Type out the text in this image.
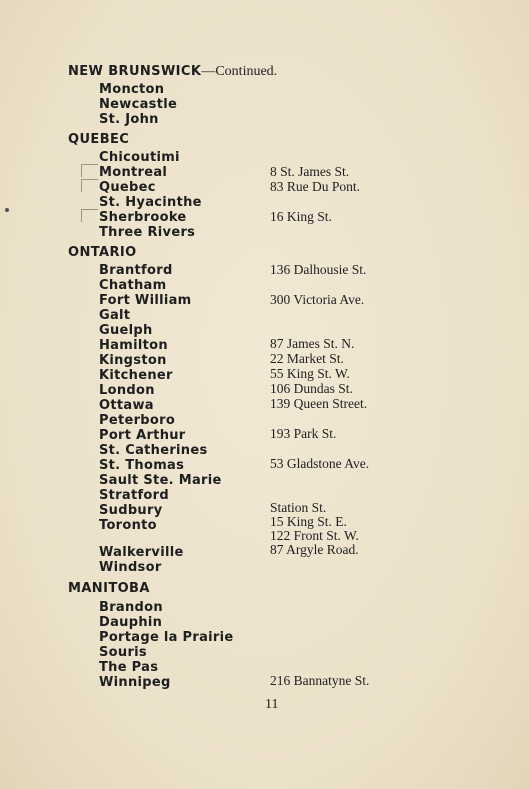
NEW BRUNSWICK—Continued.
Moncton
Newcastle
St. John
QUEBEC
Chicoutimi
Montreal	8 St. James St.
Quebec	83 Rue Du Pont.
St. Hyacinthe
Sherbrooke	16 King St.
Three Rivers
ONTARIO
Brantford	136 Dalhousie St.
Chatham
Fort William	300 Victoria Ave.
Galt
Guelph
Hamilton	87 James St. N.
Kingston	22 Market St.
Kitchener	55 King St. W.
London	106 Dundas St.
Ottawa	139 Queen Street.
Peterboro
Port Arthur	193 Park St.
St. Catherines
St. Thomas	53 Gladstone Ave.
Sault Ste. Marie
Stratford
Sudbury	Station St.
Toronto	15 King St. E.
122 Front St. W.
Walkerville	87 Argyle Road.
Windsor
MANITOBA
Brandon
Dauphin
Portage la Prairie
Souris
The Pas
Winnipeg	216 Bannatyne St.
11
